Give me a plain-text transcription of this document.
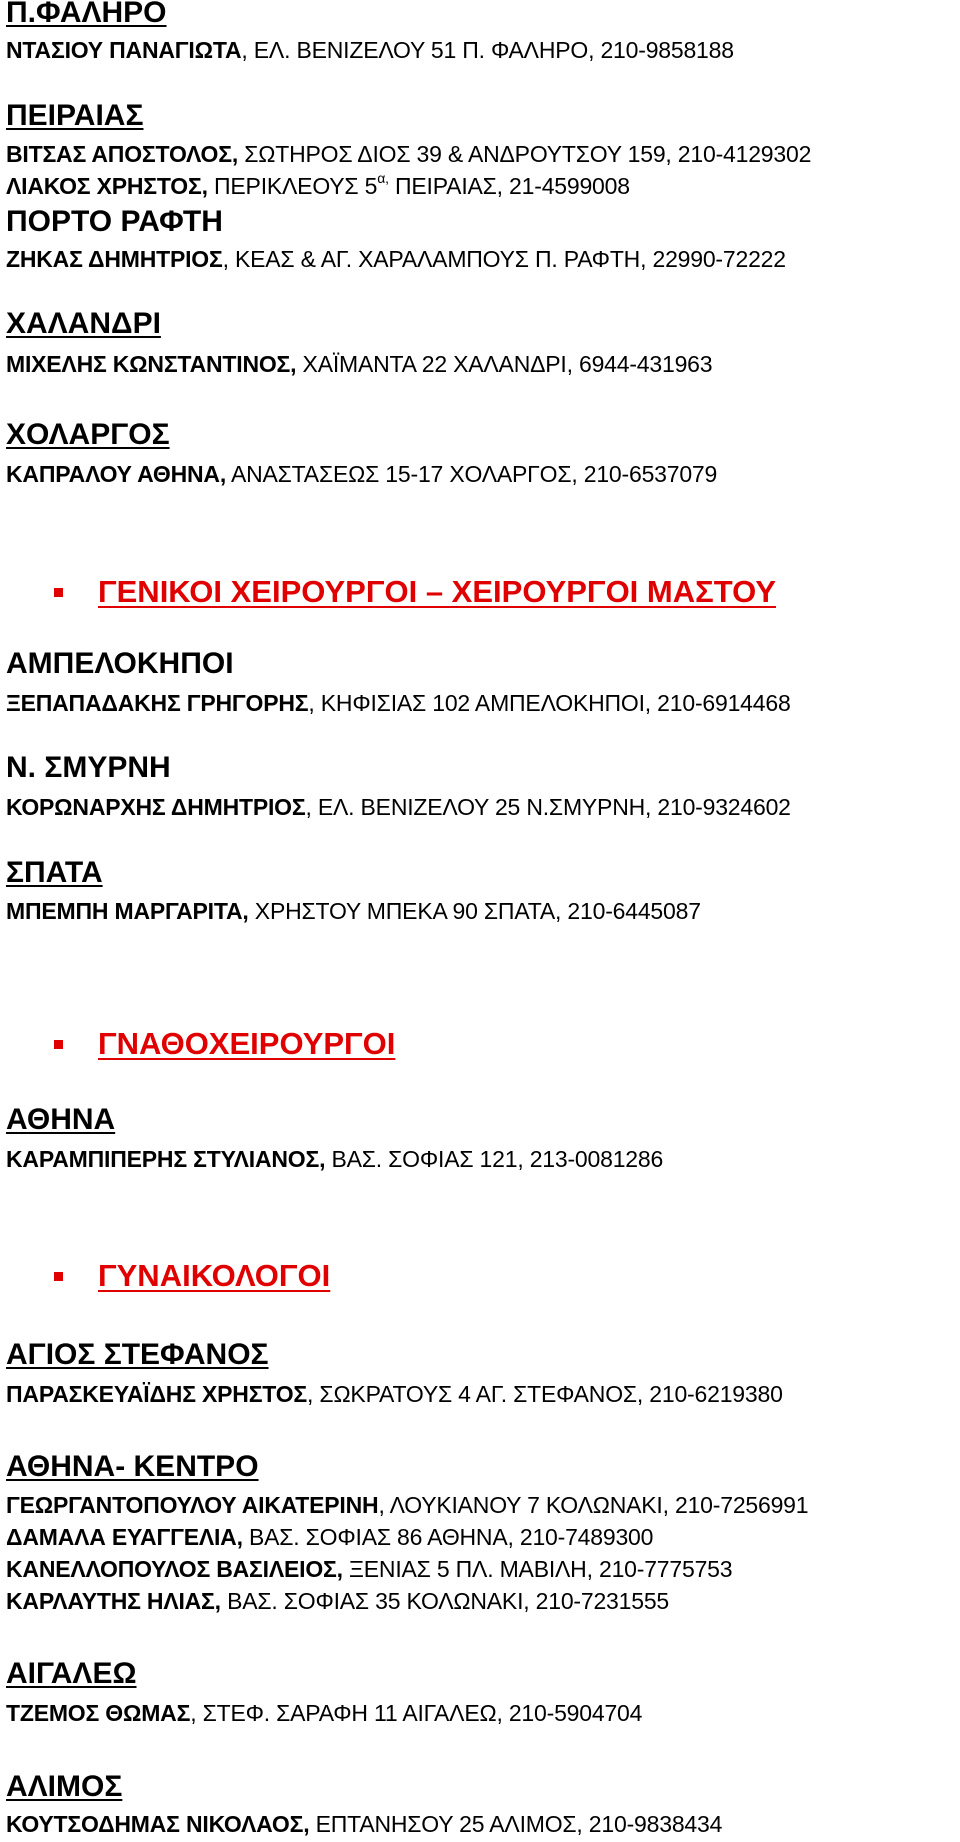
Π.ΦΑΛΗΡΟ
ΝΤΑΣΙΟΥ ΠΑΝΑΓΙΩΤΑ, ΕΛ. ΒΕΝΙΖΕΛΟΥ 51 Π. ΦΑΛΗΡΟ, 210-9858188
ΠΕΙΡΑΙΑΣ
ΒΙΤΣΑΣ ΑΠΟΣΤΟΛΟΣ, ΣΩΤΗΡΟΣ ΔΙΟΣ 39 & ΑΝΔΡΟΥΤΣΟΥ 159, 210-4129302
ΛΙΑΚΟΣ ΧΡΗΣΤΟΣ, ΠΕΡΙΚΛΕΟΥΣ $5^{\alpha,}$ ΠΕΙΡΑΙΑΣ, 21-4599008
ΠΟΡΤΟ ΡΑΦΤΗ
ΖΗΚΑΣ ΔΗΜΗΤΡΙΟΣ, ΚΕΑΣ & ΑΓ. ΧΑΡΑΛΑΜΠΟΥΣ Π. ΡΑΦΤΗ, 22990-72222
ΧΑΛΑΝΔΡΙ
ΜΙΧΕΛΗΣ ΚΩΝΣΤΑΝΤΙΝΟΣ, ΧΑΪΜΑΝΤΑ 22 ΧΑΛΑΝΔΡΙ, 6944-431963
ΧΟΛΑΡΓΟΣ
ΚΑΠΡΑΛΟΥ ΑΘΗΝΑ, ΑΝΑΣΤΑΣΕΩΣ 15-17 ΧΟΛΑΡΓΟΣ, 210-6537079
ΓΕΝΙΚΟΙ ΧΕΙΡΟΥΡΓΟΙ – ΧΕΙΡΟΥΡΓΟΙ ΜΑΣΤΟΥ
ΑΜΠΕΛΟΚΗΠΟΙ
ΞΕΠΑΠΑΔΑΚΗΣ ΓΡΗΓΟΡΗΣ, ΚΗΦΙΣΙΑΣ 102 ΑΜΠΕΛΟΚΗΠΟΙ, 210-6914468
Ν. ΣΜΥΡΝΗ
ΚΟΡΩΝΑΡΧΗΣ ΔΗΜΗΤΡΙΟΣ, ΕΛ. ΒΕΝΙΖΕΛΟΥ 25 Ν.ΣΜΥΡΝΗ, 210-9324602
ΣΠΑΤΑ
ΜΠΕΜΠΗ ΜΑΡΓΑΡΙΤΑ, ΧΡΗΣΤΟΥ ΜΠΕΚΑ 90 ΣΠΑΤΑ, 210-6445087
ΓΝΑΘΟΧΕΙΡΟΥΡΓΟΙ
ΑΘΗΝΑ
ΚΑΡΑΜΠΙΠΕΡΗΣ ΣΤΥΛΙΑΝΟΣ, ΒΑΣ. ΣΟΦΙΑΣ 121, 213-0081286
ΓΥΝΑΙΚΟΛΟΓΟΙ
ΑΓΙΟΣ ΣΤΕΦΑΝΟΣ
ΠΑΡΑΣΚΕΥΑΪΔΗΣ ΧΡΗΣΤΟΣ, ΣΩΚΡΑΤΟΥΣ 4 ΑΓ. ΣΤΕΦΑΝΟΣ, 210-6219380
ΑΘΗΝΑ- ΚΕΝΤΡΟ
ΓΕΩΡΓΑΝΤΟΠΟΥΛΟΥ ΑΙΚΑΤΕΡΙΝΗ, ΛΟΥΚΙΑΝΟΥ 7 ΚΟΛΩΝΑΚΙ, 210-7256991
ΔΑΜΑΛΑ ΕΥΑΓΓΕΛΙΑ, ΒΑΣ. ΣΟΦΙΑΣ 86 ΑΘΗΝΑ, 210-7489300
ΚΑΝΕΛΛΟΠΟΥΛΟΣ ΒΑΣΙΛΕΙΟΣ, ΞΕΝΙΑΣ 5 ΠΛ. ΜΑΒΙΛΗ, 210-7775753
ΚΑΡΛΑΥΤΗΣ ΗΛΙΑΣ, ΒΑΣ. ΣΟΦΙΑΣ 35 ΚΟΛΩΝΑΚΙ, 210-7231555
ΑΙΓΑΛΕΩ
ΤΖΕΜΟΣ ΘΩΜΑΣ, ΣΤΕΦ. ΣΑΡΑΦΗ 11 ΑΙΓΑΛΕΩ, 210-5904704
ΑΛΙΜΟΣ
ΚΟΥΤΣΟΔΗΜΑΣ ΝΙΚΟΛΑΟΣ, ΕΠΤΑΝΗΣΟΥ 25 ΑΛΙΜΟΣ, 210-9838434
